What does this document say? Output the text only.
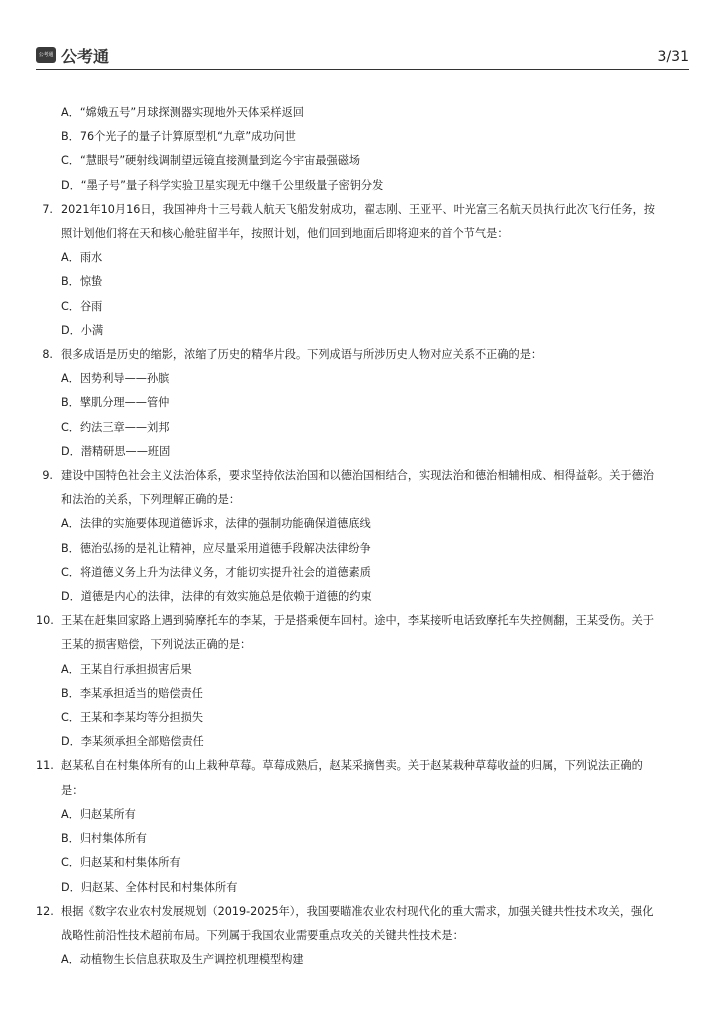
公考通 公考通	3/31
A．“嫦娥五号”月球探测器实现地外天体采样返回
B．76个光子的量子计算原型机“九章”成功问世
C．“慧眼号”硬射线调制望远镜直接测量到迄今宇宙最强磁场
D．“墨子号”量子科学实验卫星实现无中继千公里级量子密钥分发
7. 2021年10月16日，我国神舟十三号载人航天飞船发射成功，翟志刚、王亚平、叶光富三名航天员执行此次飞行任务，按
照计划他们将在天和核心舱驻留半年，按照计划，他们回到地面后即将迎来的首个节气是：
A．雨水
B．惊蛰
C．谷雨
D．小满
8. 很多成语是历史的缩影，浓缩了历史的精华片段。下列成语与所涉历史人物对应关系不正确的是：
A．因势利导——孙膑
B．擘肌分理——管仲
C．约法三章——刘邦
D．潜精研思——班固
9. 建设中国特色社会主义法治体系，要求坚持依法治国和以德治国相结合，实现法治和德治相辅相成、相得益彰。关于德治
和法治的关系，下列理解正确的是：
A．法律的实施要体现道德诉求，法律的强制功能确保道德底线
B．德治弘扬的是礼让精神，应尽量采用道德手段解决法律纷争
C．将道德义务上升为法律义务，才能切实提升社会的道德素质
D．道德是内心的法律，法律的有效实施总是依赖于道德的约束
10. 王某在赶集回家路上遇到骑摩托车的李某，于是搭乘便车回村。途中，李某接听电话致摩托车失控侧翻，王某受伤。关于
王某的损害赔偿，下列说法正确的是：
A．王某自行承担损害后果
B．李某承担适当的赔偿责任
C．王某和李某均等分担损失
D．李某须承担全部赔偿责任
11. 赵某私自在村集体所有的山上栽种草莓。草莓成熟后，赵某采摘售卖。关于赵某栽种草莓收益的归属，下列说法正确的
是：
A．归赵某所有
B．归村集体所有
C．归赵某和村集体所有
D．归赵某、全体村民和村集体所有
12. 根据《数字农业农村发展规划（2019-2025年），我国要瞄准农业农村现代化的重大需求，加强关键共性技术攻关，强化
战略性前沿性技术超前布局。下列属于我国农业需要重点攻关的关键共性技术是：
A．动植物生长信息获取及生产调控机理模型构建
